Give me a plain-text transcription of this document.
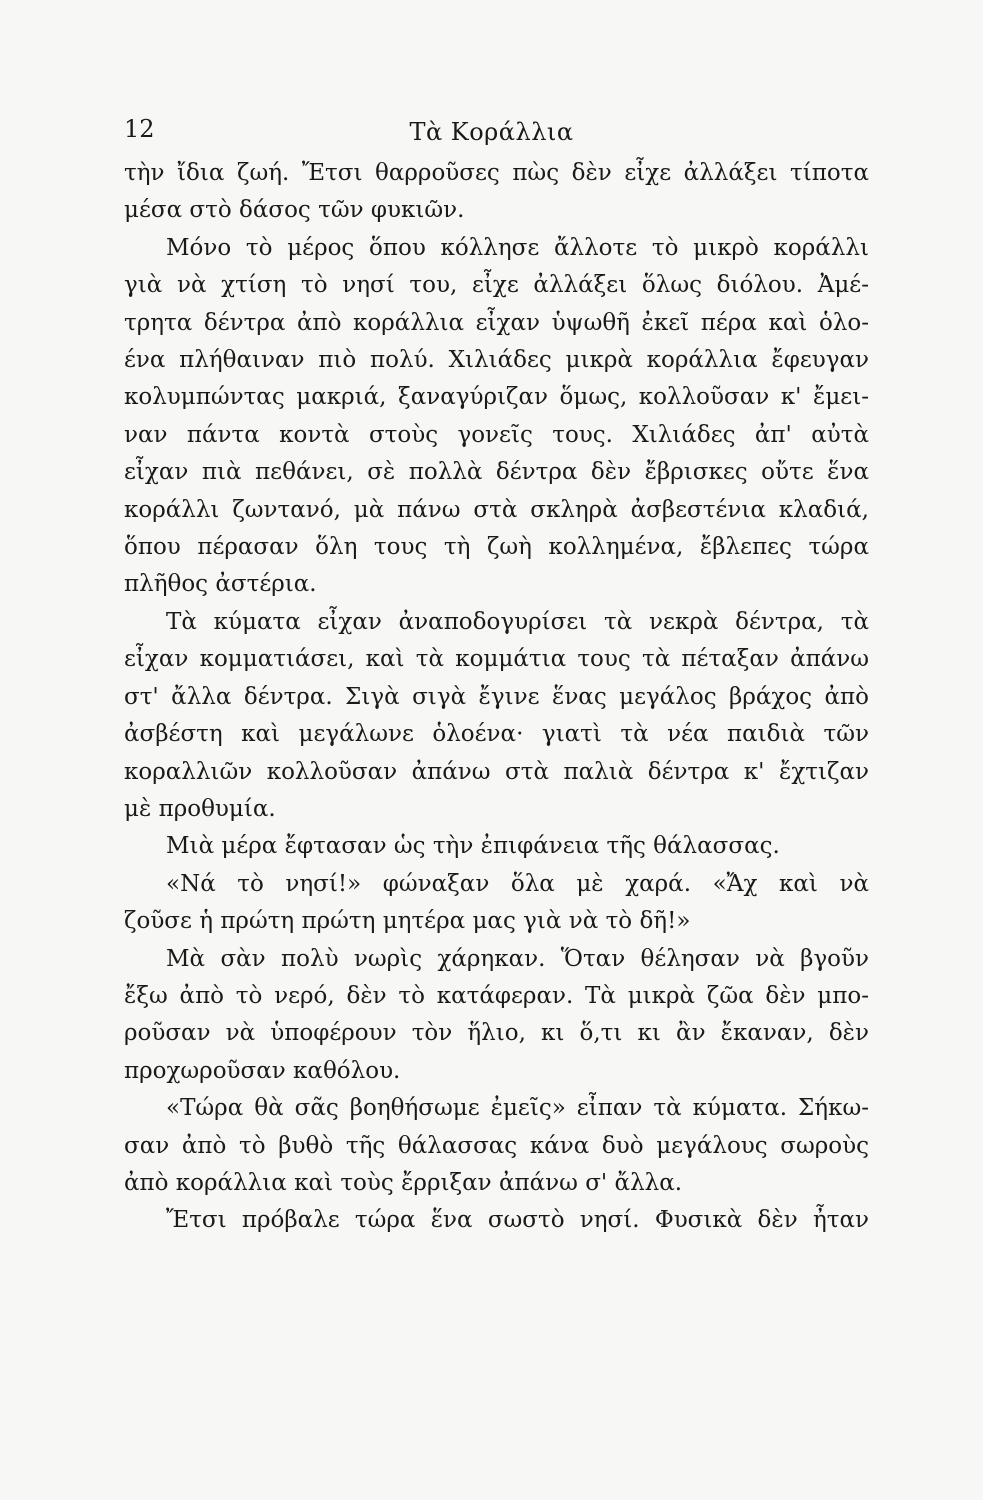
12	Τὰ Κοράλλια
τὴν ἴδια ζωή. Ἔτσι θαρροῦσες πὼς δὲν εἶχε ἀλλάξει τίποτα
μέσα στὸ δάσος τῶν φυκιῶν.
Μόνο τὸ μέρος ὅπου κόλλησε ἄλλοτε τὸ μικρὸ κοράλλι
γιὰ νὰ χτίση τὸ νησί του, εἶχε ἀλλάξει ὅλως διόλου. Ἀμέ-
τρητα δέντρα ἀπὸ κοράλλια εἶχαν ὑψωθῆ ἐκεῖ πέρα καὶ ὁλο-
ένα πλήθαιναν πιὸ πολύ. Χιλιάδες μικρὰ κοράλλια ἔφευγαν
κολυμπώντας μακριά, ξαναγύριζαν ὅμως, κολλοῦσαν κ' ἔμει-
ναν πάντα κοντὰ στοὺς γονεῖς τους. Χιλιάδες ἀπ' αὐτὰ
εἶχαν πιὰ πεθάνει, σὲ πολλὰ δέντρα δὲν ἔβρισκες οὔτε ἕνα
κοράλλι ζωντανό, μὰ πάνω στὰ σκληρὰ ἀσβεστένια κλαδιά,
ὅπου πέρασαν ὅλη τους τὴ ζωὴ κολλημένα, ἔβλεπες τώρα
πλῆθος ἀστέρια.
Τὰ κύματα εἶχαν ἀναποδογυρίσει τὰ νεκρὰ δέντρα, τὰ
εἶχαν κομματιάσει, καὶ τὰ κομμάτια τους τὰ πέταξαν ἀπάνω
στ' ἄλλα δέντρα. Σιγὰ σιγὰ ἔγινε ἕνας μεγάλος βράχος ἀπὸ
ἀσβέστη καὶ μεγάλωνε ὁλοένα· γιατὶ τὰ νέα παιδιὰ τῶν
κοραλλιῶν κολλοῦσαν ἀπάνω στὰ παλιὰ δέντρα κ' ἔχτιζαν
μὲ προθυμία.
Μιὰ μέρα ἔφτασαν ὡς τὴν ἐπιφάνεια τῆς θάλασσας.
«Νά τὸ νησί!» φώναξαν ὅλα μὲ χαρά. «Ἄχ καὶ νὰ
ζοῦσε ἡ πρώτη πρώτη μητέρα μας γιὰ νὰ τὸ δῆ!»
Μὰ σὰν πολὺ νωρὶς χάρηκαν. Ὅταν θέλησαν νὰ βγοῦν
ἔξω ἀπὸ τὸ νερό, δὲν τὸ κατάφεραν. Τὰ μικρὰ ζῶα δὲν μπο-
ροῦσαν νὰ ὑποφέρουν τὸν ἥλιο, κι ὅ,τι κι ἂν ἔκαναν, δὲν
προχωροῦσαν καθόλου.
«Τώρα θὰ σᾶς βοηθήσωμε ἐμεῖς» εἶπαν τὰ κύματα. Σήκω-
σαν ἀπὸ τὸ βυθὸ τῆς θάλασσας κάνα δυὸ μεγάλους σωροὺς
ἀπὸ κοράλλια καὶ τοὺς ἔρριξαν ἀπάνω σ' ἄλλα.
Ἔτσι πρόβαλε τώρα ἕνα σωστὸ νησί. Φυσικὰ δὲν ἦταν
